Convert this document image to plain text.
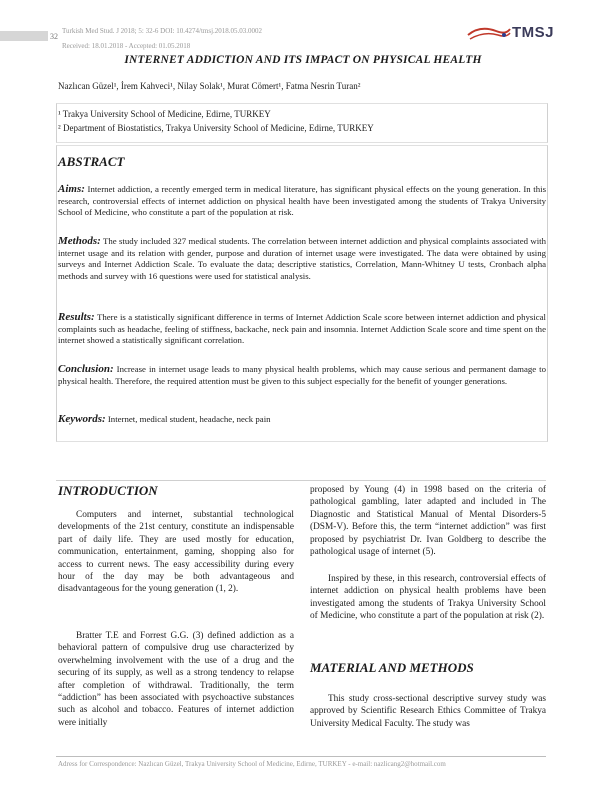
32
Turkish Med Stud. J 2018; 5: 32-6 DOI: 10.4274/tmsj.2018.05.03.0002
Received: 18.01.2018 - Accepted: 01.05.2018
TMSJ
INTERNET ADDICTION AND ITS IMPACT ON PHYSICAL HEALTH
Nazlıcan Güzel¹, İrem Kahveci¹, Nilay Solak¹, Murat Cömert¹, Fatma Nesrin Turan²
¹ Trakya University School of Medicine, Edirne, TURKEY
² Department of Biostatistics, Trakya University School of Medicine, Edirne, TURKEY
ABSTRACT

Aims: Internet addiction, a recently emerged term in medical literature, has significant physical effects on the young generation. In this research, controversial effects of internet addiction on physical health have been investigated among the students of Trakya University School of Medicine, who constitute a part of the population at risk.

Methods: The study included 327 medical students. The correlation between internet addiction and physical complaints associated with internet usage and its relation with gender, purpose and duration of internet usage were investigated. The data were obtained by using surveys and Internet Addiction Scale. To evaluate the data; descriptive statistics, Correlation, Mann-Whitney U tests, Cronbach alpha methods and survey with 16 questions were used for statistical analysis.

Results: There is a statistically significant difference in terms of Internet Addiction Scale score between internet addiction and physical complaints such as headache, feeling of stiffness, backache, neck pain and insomnia. Internet Addiction Scale score and time spent on the internet showed a statistically significant correlation.

Conclusion: Increase in internet usage leads to many physical health problems, which may cause serious and permanent damage to physical health. Therefore, the required attention must be given to this subject especially for the benefit of younger generations.

Keywords: Internet, medical student, headache, neck pain

INTRODUCTION

Computers and internet, substantial technological developments of the 21st century, constitute an indispensable part of daily life. They are used mostly for education, communication, entertainment, gaming, shopping also for access to current news. The easy accessibility during every hour of the day may be both advantageous and disadvantageous for the young generation (1, 2).

Bratter T.E and Forrest G.G. (3) defined addiction as a behavioral pattern of compulsive drug use characterized by overwhelming involvement with the use of a drug and the securing of its supply, as well as a strong tendency to relapse after completion of withdrawal. Traditionally, the term “addiction” has been associated with psychoactive substances such as alcohol and tobacco. Features of internet addiction were initially

proposed by Young (4) in 1998 based on the criteria of pathological gambling, later adapted and included in The Diagnostic and Statistical Manual of Mental Disorders-5 (DSM-V). Before this, the term “internet addiction” was first proposed by psychiatrist Dr. Ivan Goldberg to describe the pathological usage of internet (5).

Inspired by these, in this research, controversial effects of internet addiction on physical health problems have been investigated among the students of Trakya University School of Medicine, who constitute a part of the population at risk (2).

MATERIAL AND METHODS

This study cross-sectional descriptive survey study was approved by Scientific Research Ethics Committee of Trakya University Medical Faculty. The study was

Adress for Correspondence: Nazlıcan Güzel, Trakya University School of Medicine, Edirne, TURKEY - e-mail: nazlicang2@hotmail.com
